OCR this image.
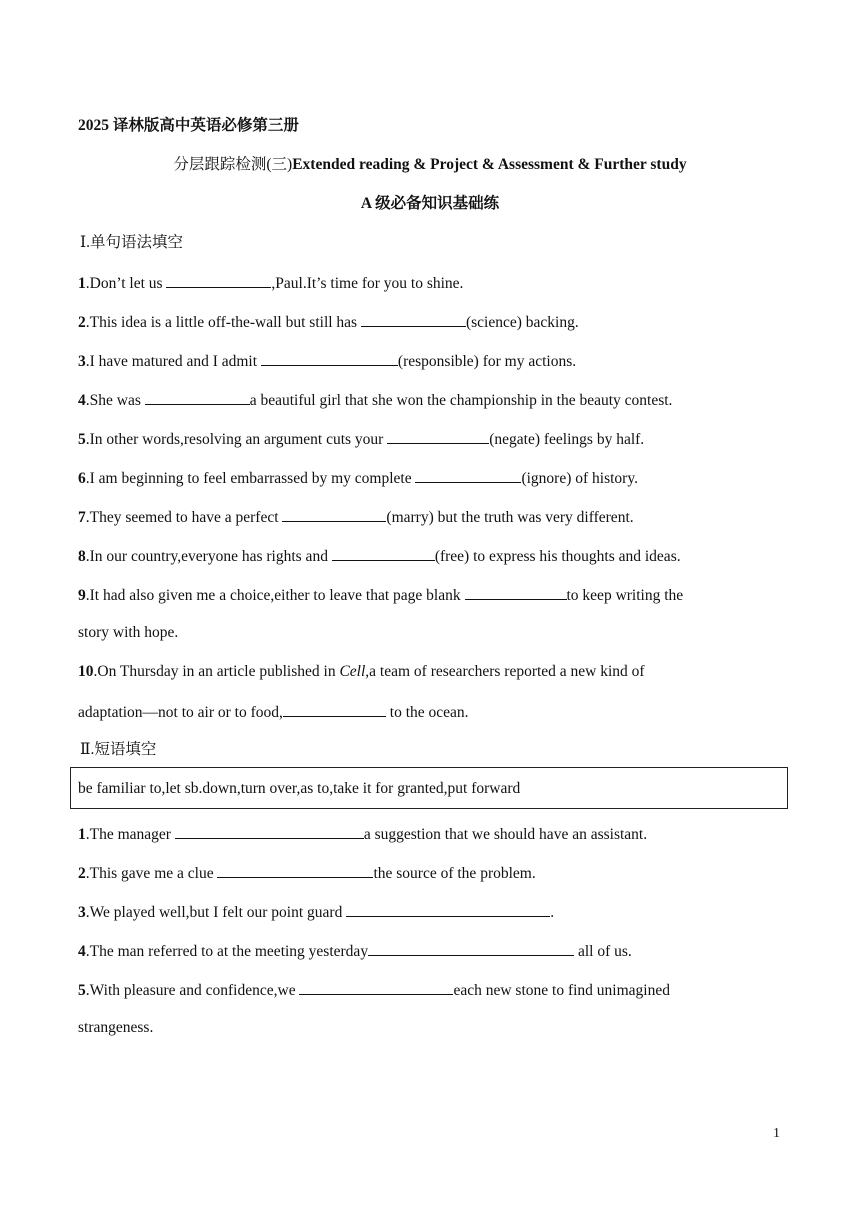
2025 译林版高中英语必修第三册
分层跟踪检测(三)Extended reading & Project & Assessment & Further study
A 级必备知识基础练
Ⅰ.单句语法填空
1.Don’t let us	,Paul.It’s time for you to shine.
2.This idea is a little off-the-wall but still has	(science) backing.
3.I have matured and I admit	(responsible) for my actions.
4.She was	a beautiful girl that she won the championship in the beauty contest.
5.In other words,resolving an argument cuts your	(negate) feelings by half.
6.I am beginning to feel embarrassed by my complete	(ignore) of history.
7.They seemed to have a perfect	(marry) but the truth was very different.
8.In our country,everyone has rights and	(free) to express his thoughts and ideas.
9.It had also given me a choice,either to leave that page blank	to keep writing the
story with hope.
10.On Thursday in an article published in Cell,a team of researchers reported a new kind of
adaptation—not to air or to food,	to the ocean.
Ⅱ.短语填空
be familiar to,let sb.down,turn over,as to,take it for granted,put forward
1.The manager	a suggestion that we should have an assistant.
2.This gave me a clue	the source of the problem.
3.We played well,but I felt our point guard	.
4.The man referred to at the meeting yesterday	all of us.
5.With pleasure and confidence,we	each new stone to find unimagined
strangeness.
1
